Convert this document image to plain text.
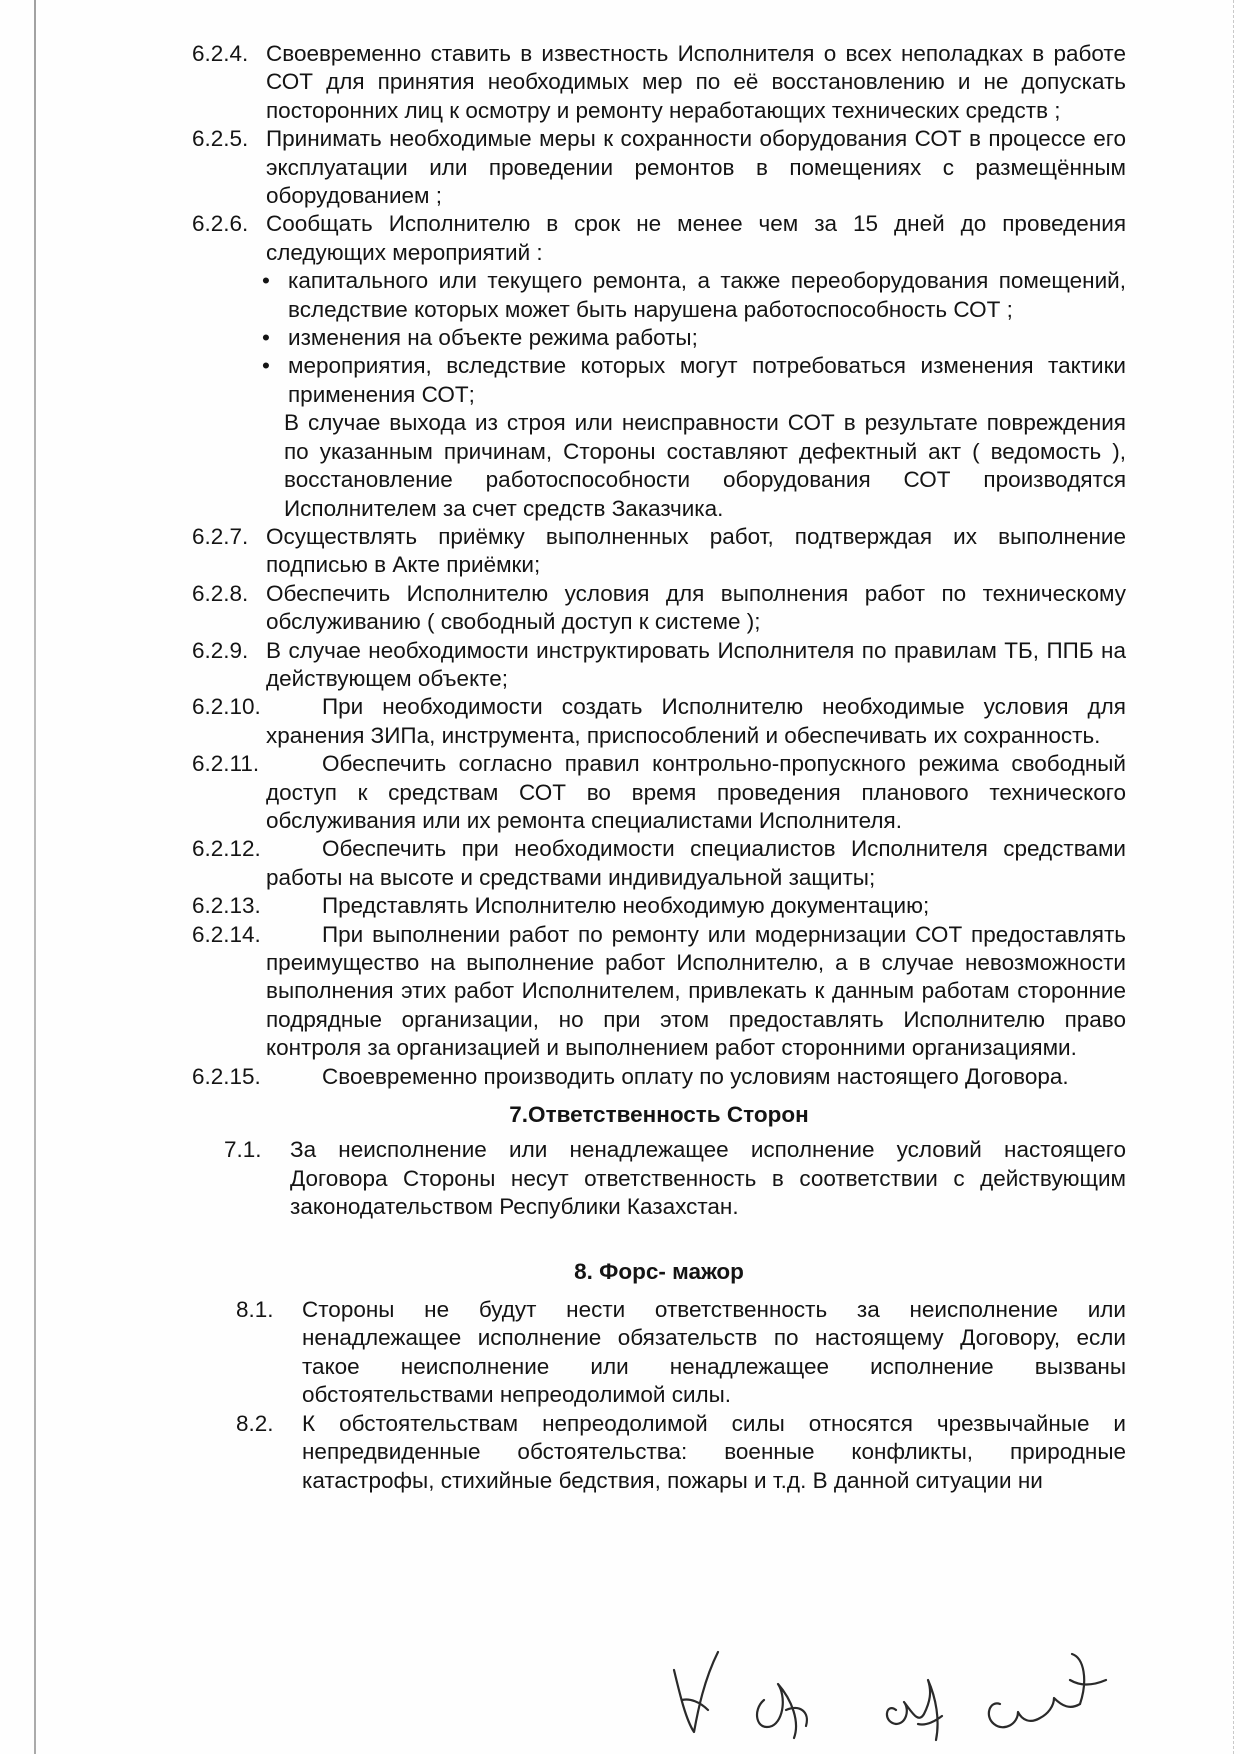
6.2.4. Своевременно ставить в известность Исполнителя о всех неполадках в работе СОТ для принятия необходимых мер по её восстановлению и не допускать посторонних лиц к осмотру и ремонту неработающих технических средств ;
6.2.5. Принимать необходимые меры к сохранности оборудования СОТ в процессе его эксплуатации или проведении ремонтов в помещениях с размещённым оборудованием ;
6.2.6. Сообщать Исполнителю в срок не менее чем за 15 дней до проведения следующих мероприятий :
• капитального или текущего ремонта, а также переоборудования помещений, вследствие которых может быть нарушена работоспособность СОТ ;
• изменения на объекте режима работы;
• мероприятия, вследствие которых могут потребоваться изменения тактики применения СОТ;
В случае выхода из строя или неисправности СОТ в результате повреждения по указанным причинам, Стороны составляют дефектный акт ( ведомость ), восстановление работоспособности оборудования СОТ производятся Исполнителем за счет средств Заказчика.
6.2.7. Осуществлять приёмку выполненных работ, подтверждая их выполнение подписью в Акте приёмки;
6.2.8. Обеспечить Исполнителю условия для выполнения работ по техническому обслуживанию ( свободный доступ к системе );
6.2.9. В случае необходимости инструктировать Исполнителя по правилам ТБ, ППБ на действующем объекте;
6.2.10.	При необходимости создать Исполнителю необходимые условия для хранения ЗИПа, инструмента, приспособлений и обеспечивать их сохранность.
6.2.11.	Обеспечить согласно правил контрольно-пропускного режима свободный доступ к средствам СОТ во время проведения планового технического обслуживания или их ремонта специалистами Исполнителя.
6.2.12.	Обеспечить при необходимости специалистов Исполнителя средствами работы на высоте и средствами индивидуальной защиты;
6.2.13.	Представлять Исполнителю необходимую документацию;
6.2.14.	При выполнении работ по ремонту или модернизации СОТ предоставлять преимущество на выполнение работ Исполнителю, а в случае невозможности выполнения этих работ Исполнителем, привлекать к данным работам сторонние подрядные организации, но при этом предоставлять Исполнителю право контроля за организацией и выполнением работ сторонними организациями.
6.2.15.	Своевременно производить оплату по условиям настоящего Договора.
7.Ответственность Сторон
7.1.	За неисполнение или ненадлежащее исполнение условий настоящего Договора Стороны несут ответственность в соответствии с действующим законодательством Республики Казахстан.
8. Форс- мажор
8.1.	Стороны не будут нести ответственность за неисполнение или ненадлежащее исполнение обязательств по настоящему Договору, если такое неисполнение или ненадлежащее исполнение вызваны обстоятельствами непреодолимой силы.
8.2.	К обстоятельствам непреодолимой силы относятся чрезвычайные и непредвиденные обстоятельства: военные конфликты, природные катастрофы, стихийные бедствия, пожары и т.д. В данной ситуации ни
